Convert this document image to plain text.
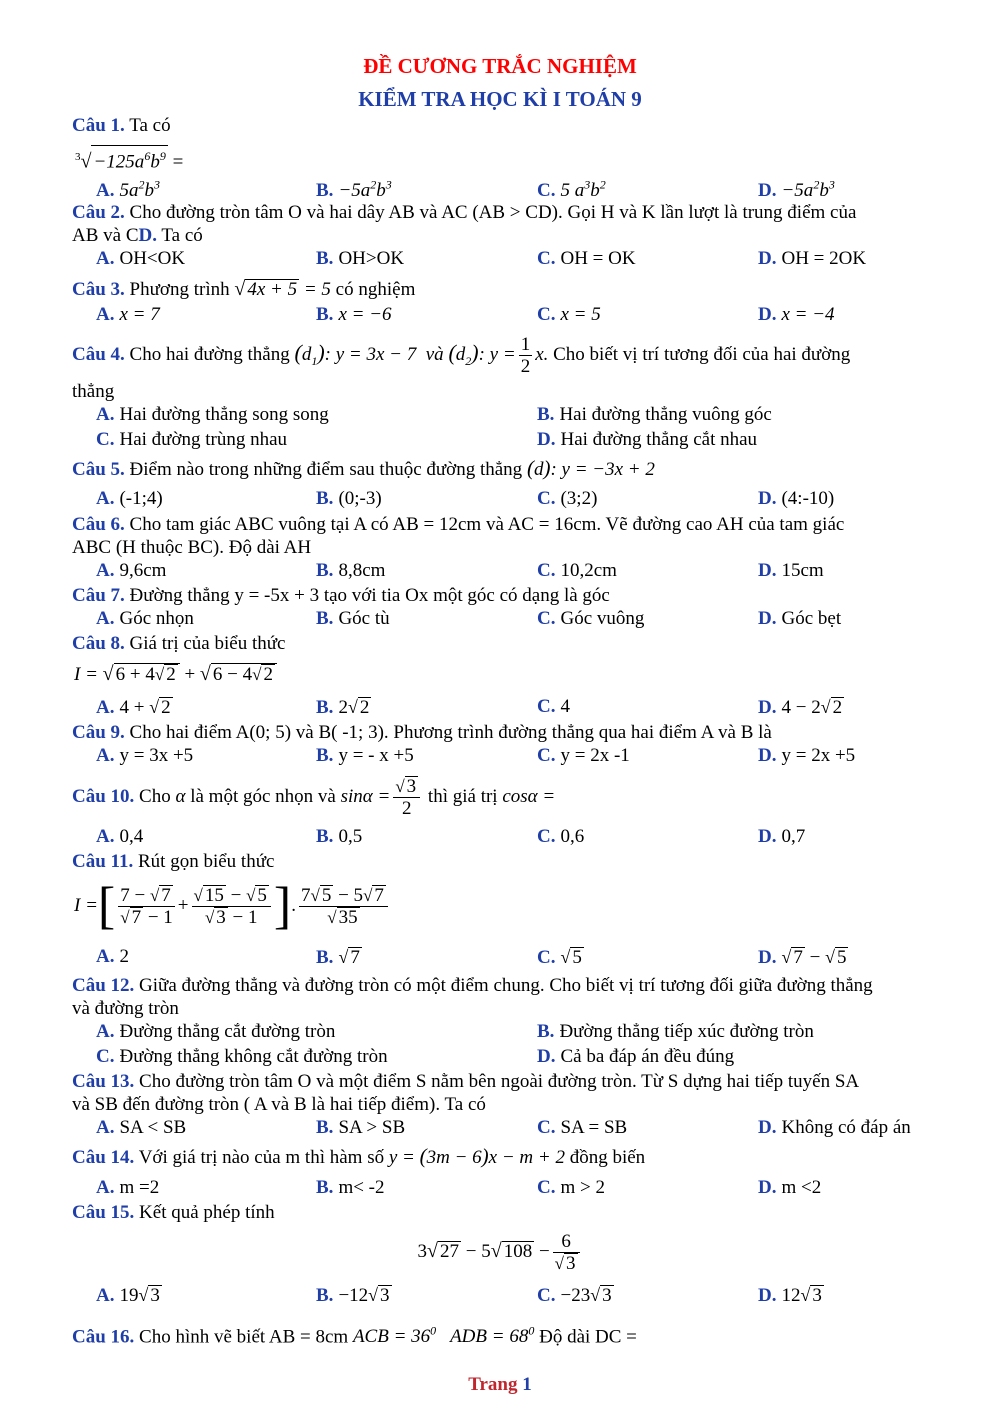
ĐỀ CƯƠNG TRẮC NGHIỆM
KIỂM TRA HỌC KÌ I TOÁN 9
Câu 1. Ta có
$^3√ -125a^6b^9$ =
A. $5a^2b^3$	B. $-5a^2b^3$	C. 5 $a^3b^2$	D. $-5a^2b^3$
Câu 2. Cho đường tròn tâm O và hai dây AB và AC (AB > CD). Gọi H và K lần lượt là trung điểm của
AB và CD. Ta có
A. OH<OK	B. OH>OK	C. OH = OK	D. OH = 2OK
Câu 3. Phương trình √ 4x + 5 = 5 có nghiệm
A. x = 7	B. x = −6	C. x = 5	D. x = −4
Câu 4. Cho hai đường thẳng $(d_1)$: y = 3x − 7  và $(d_2)$: $y = \frac{1}{2} x$. Cho biết vị trí tương đối của hai đường
thẳng
A. Hai đường thẳng song song	B. Hai đường thẳng vuông góc
C. Hai đường trùng nhau	D. Hai đường thẳng cắt nhau
Câu 5. Điểm nào trong những điểm sau thuộc đường thẳng (d): y = −3x + 2
A. (-1;4)	B. (0;-3)	C. (3;2)	D. (4:-10)
Câu 6. Cho tam giác ABC vuông tại A có AB = 12cm và AC = 16cm. Vẽ đường cao AH của tam giác
ABC (H thuộc BC). Độ dài AH
A. 9,6cm	B. 8,8cm	C. 10,2cm	D. 15cm
Câu 7. Đường thẳng y = -5x + 3 tạo với tia Ox một góc có dạng là góc
A. Góc nhọn	B. Góc tù	C. Góc vuông	D. Góc bẹt
Câu 8. Giá trị của biểu thức
I = √ 6 + 4√ 2 + √ 6 − 4√ 2
A. 4 + √ 2	B. 2√ 2	C. 4	D. 4 − 2√ 2
Câu 9. Cho hai điểm A(0; 5) và B( -1; 3). Phương trình đường thẳng qua hai điểm A và B là
A. y = 3x +5	B. y = - x +5	C. y = 2x -1	D. y = 2x +5
Câu 10. Cho α là một góc nhọn và $\sin\alpha = \frac{√ 3}{2}$ thì giá trị cosα =
A. 0,4	B. 0,5	C. 0,6	D. 0,7
Câu 11. Rút gọn biểu thức
I =[ $\frac{7 - √ 7}{√ 7 - 1} + \frac{√ 15 - √ 5}{√ 3 - 1}$ ]. $\frac{7√ 5 - 5√ 7}{√ 35}$
A. 2	B. √ 7	C. √ 5	D. √ 7 − √ 5
Câu 12. Giữa đường thẳng và đường tròn có một điểm chung. Cho biết vị trí tương đối giữa đường thẳng
và đường tròn
A. Đường thẳng cắt đường tròn	B. Đường thẳng tiếp xúc đường tròn
C. Đường thẳng không cắt đường tròn	D. Cả ba đáp án đều đúng
Câu 13. Cho đường tròn tâm O và một điểm S nằm bên ngoài đường tròn. Từ S dựng hai tiếp tuyến SA
và SB đến đường tròn ( A và B là hai tiếp điểm). Ta có
A. SA < SB	B. SA > SB	C. SA = SB	D. Không có đáp án
Câu 14. Với giá trị nào của m thì hàm số y = (3m − 6)x − m + 2 đồng biến
A. m =2	B. m< -2	C. m > 2	D. m <2
Câu 15. Kết quả phép tính
3√ 27 − 5√ $108 - \frac{6}{√ 3}$
A. 19√ 3	B. −12√ 3	C. −23√ 3	D. 12√ 3
Câu 16. Cho hình vẽ biết AB = 8cm ACB = $36^0$   ADB = $68^0$ Độ dài DC =
Trang 1
